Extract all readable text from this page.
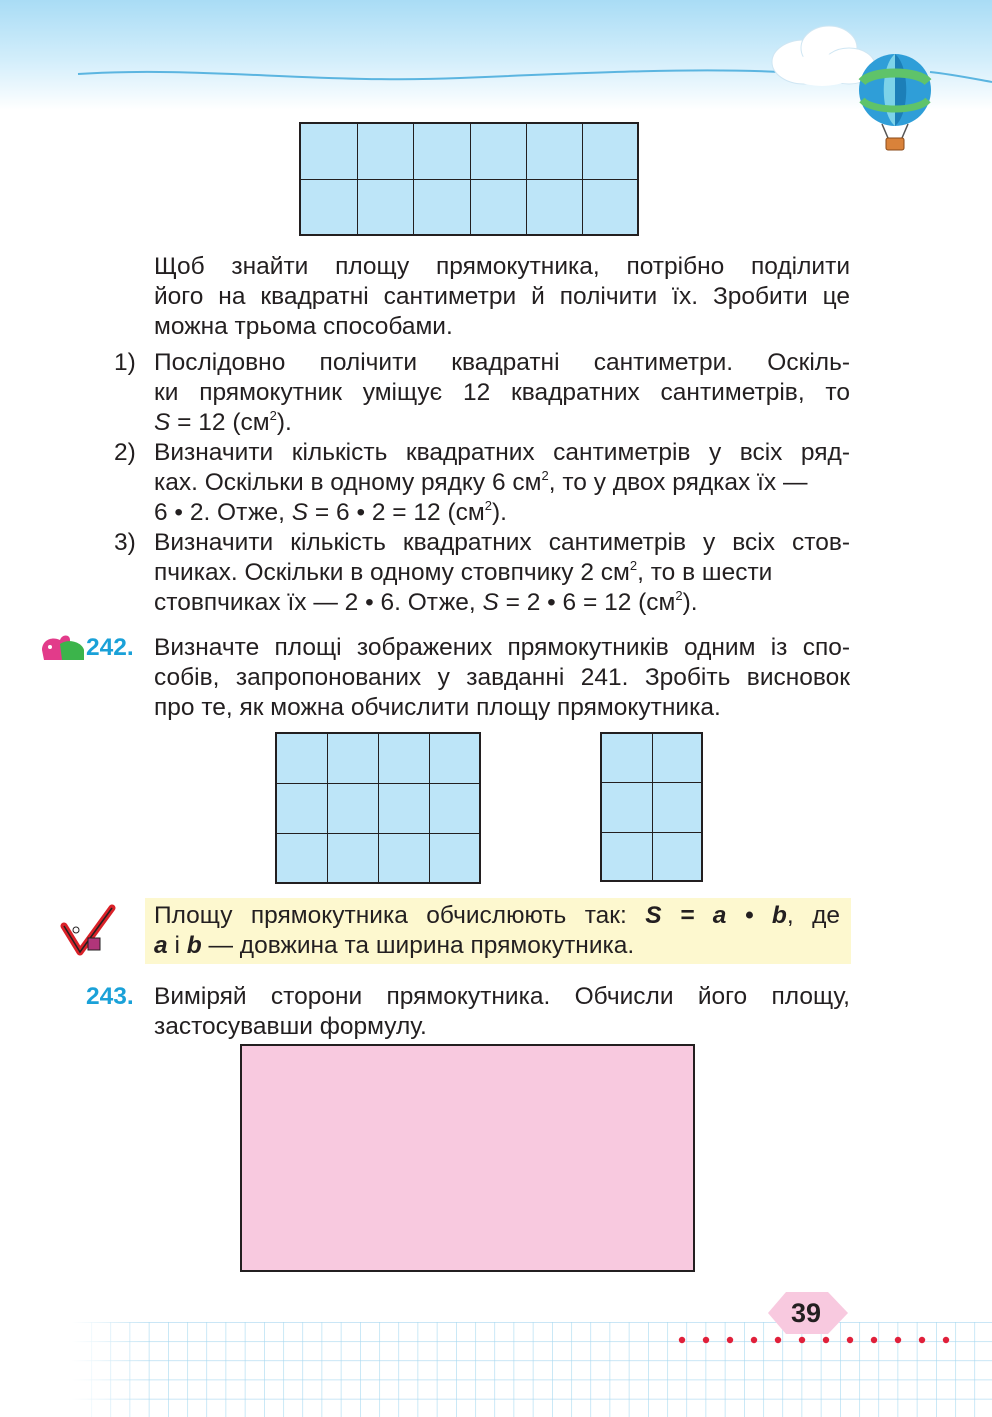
Щоб знайти площу прямокутника, потрібно поділити
його на квадратні сантиметри й полічити їх. Зробити це
можна трьома способами.
1) Послідовно полічити квадратні сантиметри. Оскіль-
ки прямокутник уміщує 12 квадратних сантиметрів, то
S = 12 $(см^2)$.
2) Визначити кількість квадратних сантиметрів у всіх ряд-
ках. Оскільки в одному рядку 6 $см^2$, то у двох рядках їх —
6 • 2. Отже, S = 6 • 2 = 12 $(см^2)$.
3) Визначити кількість квадратних сантиметрів у всіх стов-
пчиках. Оскільки в одному стовпчику 2 $см^2$, то в шести
стовпчиках їх — 2 • 6. Отже, S = 2 • 6 = 12 $(см^2)$.
242. Визначте площі зображених прямокутників одним із спо-
собів, запропонованих у завданні 241. Зробіть висновок
про те, як можна обчислити площу прямокутника.
Площу прямокутника обчислюють так: S = a • b, де
a і b — довжина та ширина прямокутника.
243. Виміряй сторони прямокутника. Обчисли його площу,
застосувавши формулу.
39
